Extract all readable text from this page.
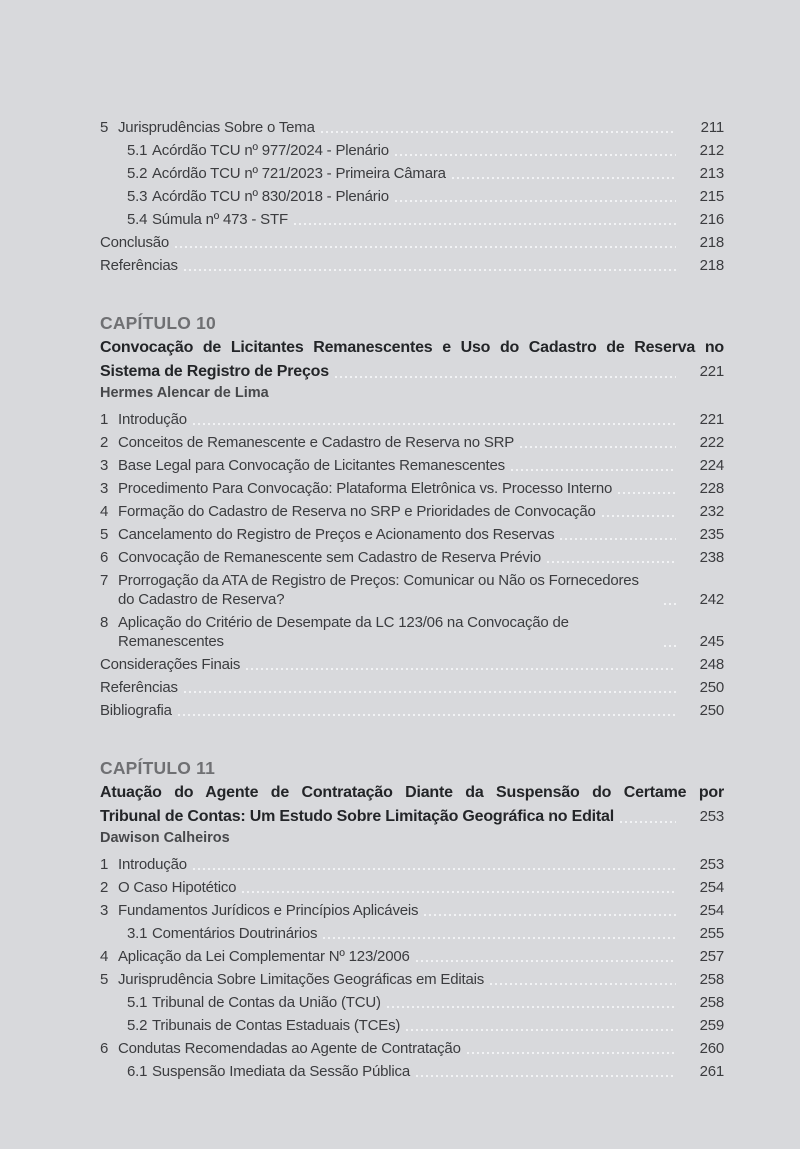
5 Jurisprudências Sobre o Tema	211
5.1 Acórdão TCU nº 977/2024 - Plenário	212
5.2 Acórdão TCU nº 721/2023 - Primeira Câmara	213
5.3 Acórdão TCU nº 830/2018 - Plenário	215
5.4 Súmula nº 473 - STF	216
Conclusão	218
Referências	218
CAPÍTULO 10
Convocação de Licitantes Remanescentes e Uso do Cadastro de Reserva no
Sistema de Registro de Preços	221
Hermes Alencar de Lima
1 Introdução	221
2 Conceitos de Remanescente e Cadastro de Reserva no SRP	222
3 Base Legal para Convocação de Licitantes Remanescentes	224
3 Procedimento Para Convocação: Plataforma Eletrônica vs. Processo Interno	228
4 Formação do Cadastro de Reserva no SRP e Prioridades de Convocação	232
5 Cancelamento do Registro de Preços e Acionamento dos Reservas	235
6 Convocação de Remanescente sem Cadastro de Reserva Prévio	238
7 Prorrogação da ATA de Registro de Preços: Comunicar ou Não os Fornecedores do Cadastro de Reserva?	242
8 Aplicação do Critério de Desempate da LC 123/06 na Convocação de Remanescentes	245
Considerações Finais	248
Referências	250
Bibliografia	250
CAPÍTULO 11
Atuação do Agente de Contratação Diante da Suspensão do Certame por
Tribunal de Contas: Um Estudo Sobre Limitação Geográfica no Edital	253
Dawison Calheiros
1 Introdução	253
2 O Caso Hipotético	254
3 Fundamentos Jurídicos e Princípios Aplicáveis	254
3.1 Comentários Doutrinários	255
4 Aplicação da Lei Complementar Nº 123/2006	257
5 Jurisprudência Sobre Limitações Geográficas em Editais	258
5.1 Tribunal de Contas da União (TCU)	258
5.2 Tribunais de Contas Estaduais (TCEs)	259
6 Condutas Recomendadas ao Agente de Contratação	260
6.1 Suspensão Imediata da Sessão Pública	261
